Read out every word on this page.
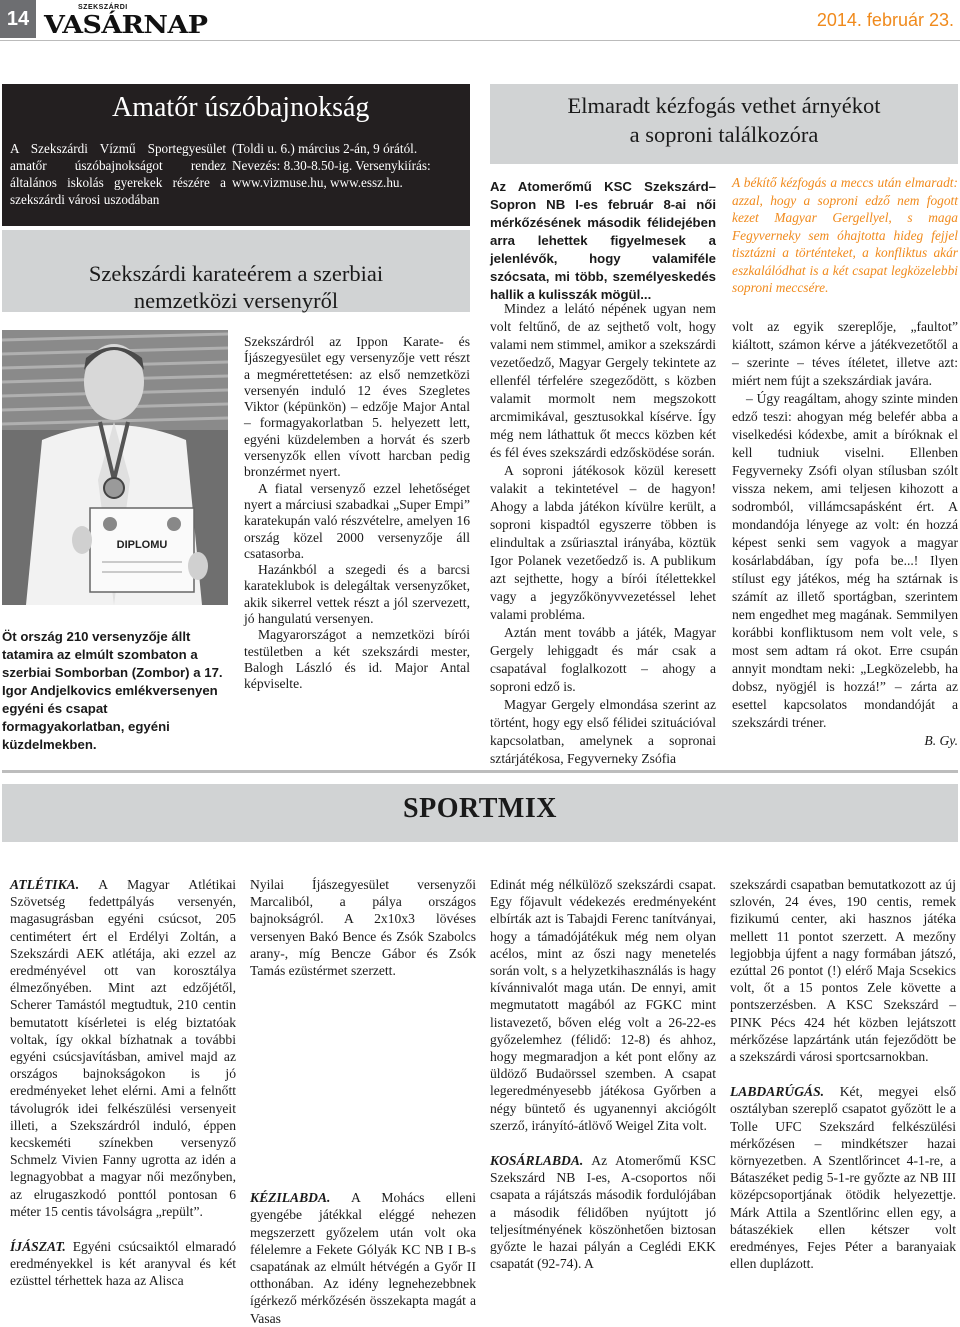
14	SZEKSZÁRDI
VASÁRNAP	2014. február 23.
Amatőr úszóbajnokság

A Szekszárdi Vízmű Sportegyesület amatőr úszóbajnokságot rendez általános iskolás gyerekek részére a szekszárdi városi uszodában

(Toldi u. 6.) március 2-án, 9 órától. Nevezés: 8.30-8.50-ig. Versenykiírás: www.vizmuse.hu, www.essz.hu.

Szekszárdi karateérem a szerbiai
nemzetközi versenyről
DIPLOMU

Öt ország 210 versenyzője állt tatamira az elmúlt szombaton a szerbiai Somborban (Zombor) a 17. Igor Andjelkovics emlékversenyen egyéni és csapat formagyakorlatban, egyéni küzdelmekben.

Szekszárdról az Ippon Karate- és Íjászegyesület egy versenyzője vett részt a megmérettetésen: az első nemzetközi versenyén induló 12 éves Szegletes Viktor (képünkön) – edzője Major Antal – formagyakorlatban 5. helyezett lett, egyéni küzdelemben a horvát és szerb versenyzők ellen vívott harcban pedig bronzérmet nyert.

A fiatal versenyző ezzel lehetőséget nyert a márciusi szabadkai „Super Empi” karatekupán való részvételre, amelyen 16 ország közel 2000 versenyzője áll csatasorba.

Hazánkból a szegedi és a barcsi karateklubok is delegáltak versenyzőket, akik sikerrel vettek részt a jól szervezett, jó hangulatú versenyen.

Magyarországot a nemzetközi bírói testületben a két szekszárdi mester, Balogh László és id. Major Antal képviselte.

Elmaradt kézfogás vethet árnyékot
a soproni találkozóra

Az Atomerőmű KSC Szekszárd–Sopron NB I-es február 8-ai női mérkőzésének második félidejében arra lehettek figyelmesek a jelenlévők, hogy valamiféle szócsata, mi több, személyeskedés hallik a kulisszák mögül...

A békítő kézfogás a meccs után elmaradt: azzal, hogy a soproni edző nem fogott kezet Magyar Gergellyel, s maga Fegyverneky sem óhajtotta hideg fejjel tisztázni a történteket, a konfliktus akár eszkalálódhat is a két csapat legközelebbi soproni meccsére.

Mindez a lelátó népének ugyan nem volt feltűnő, de az sejthető volt, hogy valami nem stimmel, amikor a szekszárdi vezetőedző, Magyar Gergely tekintete az ellenfél térfelére szegeződött, s közben valamit mormolt nem megszokott arcmimikával, gesztusokkal kísérve. Így még nem láthattuk őt meccs közben két és fél éves szekszárdi edzősködése során.

A soproni játékosok közül keresett valakit a tekintetével – de hagyon! Ahogy a labda játékon kívülre került, a soproni kispadtól egyszerre többen is elindultak a zsűriasztal irányába, köztük Igor Polanek vezetőedző is. A publikum azt sejthette, hogy a bírói ítélettekkel vagy a jegyzőkönyvvezetéssel lehet valami probléma.

Aztán ment tovább a játék, Magyar Gergely lehiggadt és már csak a csapatával foglalkozott – ahogy a soproni edző is.

Magyar Gergely elmondása szerint az történt, hogy egy első félidei szituációval kapcsolatban, amelynek a sopronai sztárjátékosa, Fegyverneky Zsófia

volt az egyik szereplője, „faultot” kiáltott, számon kérve a játékvezetőtől a – szerinte – téves ítéletet, illetve azt: miért nem fújt a szekszárdiak javára.

– Úgy reagáltam, ahogy szinte minden edző teszi: ahogyan még belefér abba a viselkedési kódexbe, amit a bíróknak el kell tudniuk viselni. Ellenben Fegyverneky Zsófi olyan stílusban szólt vissza nekem, ami teljesen kihozott a sodromból, villámcsapásként ért. A mondandója lényege az volt: én hozzá képest senki sem vagyok a magyar kosárlabdában, így pofa be...! Ilyen stílust egy játékos, még ha sztárnak is számít az illető sportágban, szerintem nem engedhet meg magának. Semmilyen korábbi konfliktusom nem volt vele, s most sem adtam rá okot. Erre csupán annyit mondtam neki: „Legközelebb, ha dobsz, nyögjél is hozzá!” – zárta az esettel kapcsolatos mondandóját a szekszárdi tréner.

B. Gy.

SPORTMIX

ATLÉTIKA. A Magyar Atlétikai Szövetség fedettpályás versenyén, magasugrásban egyéni csúcsot, 205 centimétert ért el Erdélyi Zoltán, a Szekszárdi AEK atlétája, aki ezzel az eredményével ott van korosztálya élmezőnyében. Mint azt edzőjétől, Scherer Tamástól megtudtuk, 210 centin bemutatott kísérletei is elég biztatóak voltak, így okkal bízhatnak a további egyéni csúcsjavításban, amivel majd az országos bajnokságokon is jó eredményeket lehet elérni. Ami a felnőtt távolugrók idei felkészülési versenyeit illeti, a Szekszárdról induló, éppen kecskeméti színekben versenyző Schmelz Vivien Fanny ugrotta az idén a legnagyobbat a magyar női mezőnyben, az elrugaszkodó ponttól pontosan 6 méter 15 centis távolságra „repült”.

ÍJÁSZAT. Egyéni csúcsaiktól elmaradó eredményekkel is két aranyval és két ezüsttel térhettek haza az Alisca

Nyilai Íjászegyesület versenyzői Marcaliból, a pálya országos bajnokságról. A 2x10x3 lövéses versenyen Bakó Bence és Zsók Szabolcs arany-, míg Bencze Gábor és Zsók Tamás ezüstérmet szerzett.

KÉZILABDA. A Mohács elleni gyengébe játékkal eléggé nehezen megszerzett győzelem után volt oka félelemre a Fekete Gólyák KC NB I B-s csapatának az elmúlt hétvégén a Győr II otthonában. Az idény legnehezebbnek ígérkező mérkőzésén összekapta magát a Vasas

Edinát még nélkülöző szekszárdi csapat. Egy főjavult védekezés eredményeként elbírták azt is Tabajdi Ferenc tanítványai, hogy a támadójátékuk még nem olyan acélos, mint az őszi nagy menetelés során volt, s a helyzetkihasználás is hagy kívánnivalót maga után. De ennyi, amit megmutatott magából az FGKC mint listavezető, bőven elég volt a 26-22-es győzelemhez (félidő: 12-8) és ahhoz, hogy megmaradjon a két pont előny az üldöző Budaörssel szemben. A csapat legeredményesebb játékosa Győrben a négy büntető és ugyanennyi akciógólt szerző, irányító-átlövő Weigel Zita volt.

KOSÁRLABDA. Az Atomerőmű KSC Szekszárd NB I-es, A-csoportos női csapata a rájátszás második fordulójában a második félidőben nyújtott jó teljesítményének köszönhetően biztosan győzte le hazai pályán a Ceglédi EKK csapatát (92-74). A

szekszárdi csapatban bemutatkozott az új szlovén, 24 éves, 190 centis, remek fizikumú center, aki hasznos játéka mellett 11 pontot szerzett. A mezőny legjobbja újfent a nagy formában játszó, ezúttal 26 pontot (!) elérő Maja Scsekics volt, őt a 15 pontos Zele követte a pontszerzésben. A KSC Szekszárd – PINK Pécs 424 hét közben lejátszott mérkőzése lapzártánk után fejeződött be a szekszárdi városi sportcsarnokban.

LABDARÚGÁS. Két, megyei első osztályban szereplő csapatot győzött le a Tolle UFC Szekszárd felkészülési mérkőzésen – mindkétszer hazai környezetben. A Szentlőrincet 4-1-re, a Bátaszéket pedig 5-1-re győzte az NB III középcsoportjának ötödik helyezettje. Márk Attila a Szentlőrinc ellen egy, a bátaszékiek ellen kétszer volt eredményes, Fejes Péter a baranyaiak ellen duplázott.
